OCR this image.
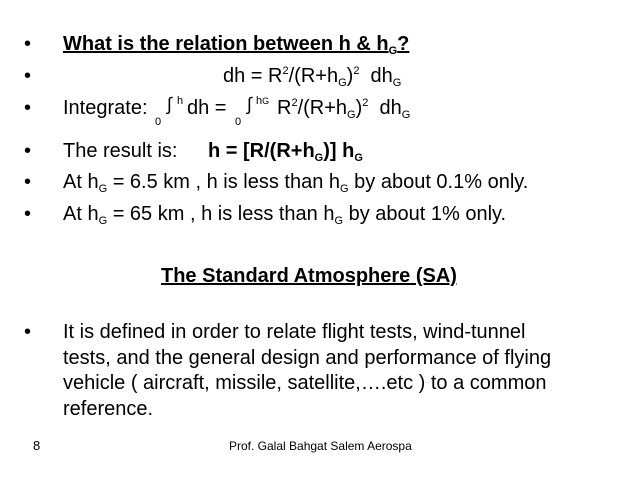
• What is the relation between h & $h_G$?
•	dh = $R^2/(R+h_G)^2$  $dh_G$
• Integrate:
0
∫ h dh =
0
∫ hG $R^2/(R+h_G)^2$  $dh_G$
• The result is: $h = [R/(R+h_G)]$ $h_G$
• At $h_G = 6.5$ km , h is less than $h_G$ by about 0.1% only.
• At $h_G = 65$ km , h is less than $h_G$ by about 1% only.
The Standard Atmosphere (SA)
• It is defined in order to relate flight tests, wind-tunnel
tests, and the general design and performance of flying
vehicle ( aircraft, missile, satellite,….etc ) to a common
reference.
8	Prof. Galal Bahgat Salem Aerospa
